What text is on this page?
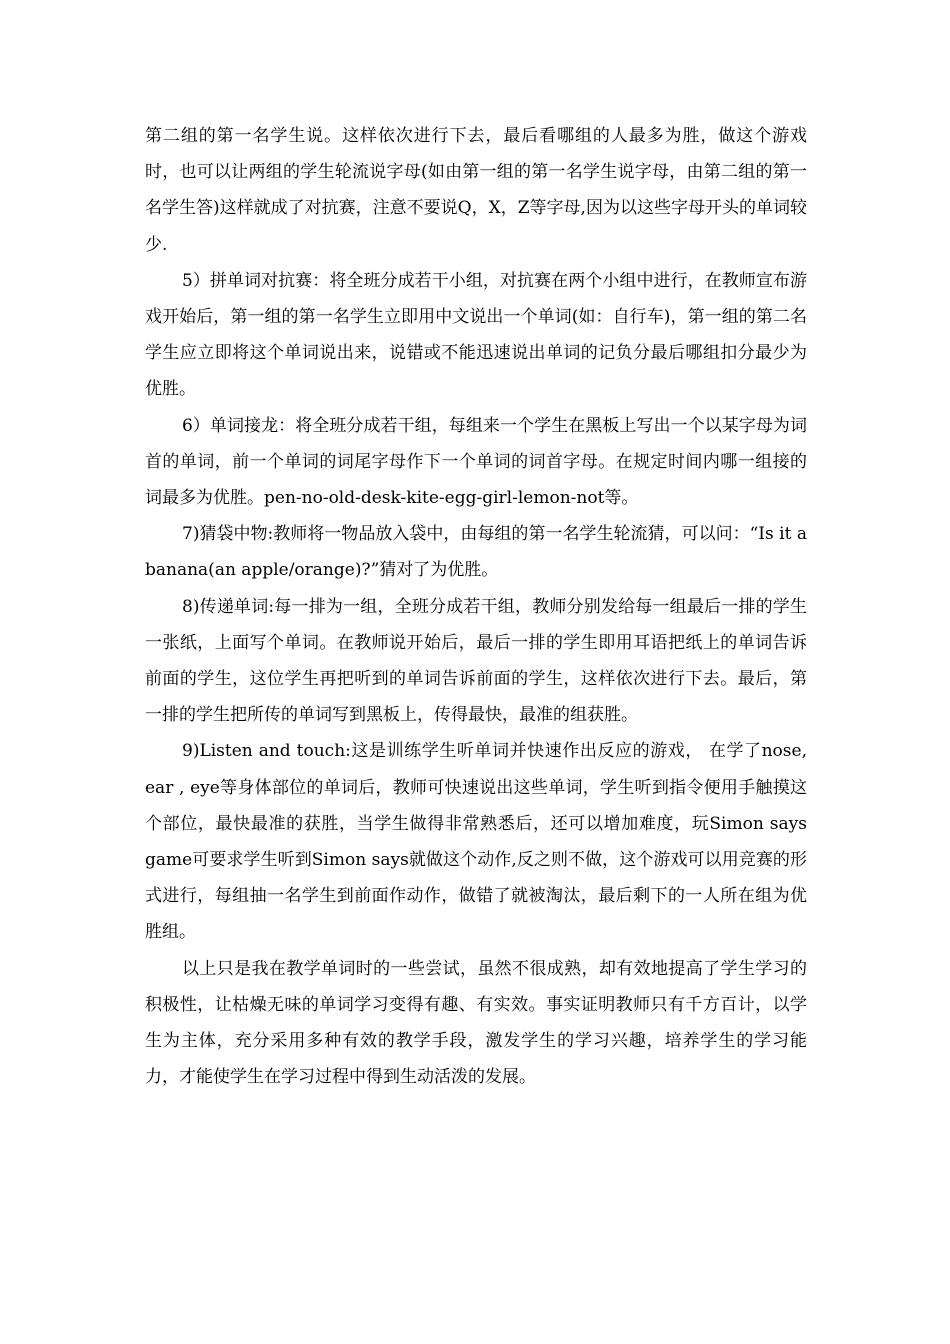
第二组的第一名学生说。这样依次进行下去，最后看哪组的人最多为胜，做这个游戏时，也可以让两组的学生轮流说字母(如由第一组的第一名学生说字母，由第二组的第一名学生答)这样就成了对抗赛，注意不要说Q，X，Z等字母,因为以这些字母开头的单词较少.

5）拼单词对抗赛：将全班分成若干小组，对抗赛在两个小组中进行，在教师宣布游戏开始后，第一组的第一名学生立即用中文说出一个单词(如：自行车)，第一组的第二名学生应立即将这个单词说出来，说错或不能迅速说出单词的记负分最后哪组扣分最少为优胜。

6）单词接龙：将全班分成若干组，每组来一个学生在黑板上写出一个以某字母为词首的单词，前一个单词的词尾字母作下一个单词的词首字母。在规定时间内哪一组接的词最多为优胜。pen-no-old-desk-kite-egg-girl-lemon-not等。

7)猜袋中物:教师将一物品放入袋中，由每组的第一名学生轮流猜，可以问：“Is it a banana(an apple/orange)?”猜对了为优胜。

8)传递单词:每一排为一组，全班分成若干组，教师分别发给每一组最后一排的学生一张纸，上面写个单词。在教师说开始后，最后一排的学生即用耳语把纸上的单词告诉前面的学生，这位学生再把听到的单词告诉前面的学生，这样依次进行下去。最后，第一排的学生把所传的单词写到黑板上，传得最快，最准的组获胜。

9)Listen and touch:这是训练学生听单词并快速作出反应的游戏， 在学了nose, ear , eye等身体部位的单词后，教师可快速说出这些单词，学生听到指令便用手触摸这个部位，最快最准的获胜，当学生做得非常熟悉后，还可以增加难度，玩Simon says game可要求学生听到Simon says就做这个动作,反之则不做，这个游戏可以用竞赛的形式进行，每组抽一名学生到前面作动作，做错了就被淘汰，最后剩下的一人所在组为优胜组。

以上只是我在教学单词时的一些尝试，虽然不很成熟，却有效地提高了学生学习的积极性，让枯燥无味的单词学习变得有趣、有实效。事实证明教师只有千方百计，以学生为主体，充分采用多种有效的教学手段，激发学生的学习兴趣，培养学生的学习能力，才能使学生在学习过程中得到生动活泼的发展。
